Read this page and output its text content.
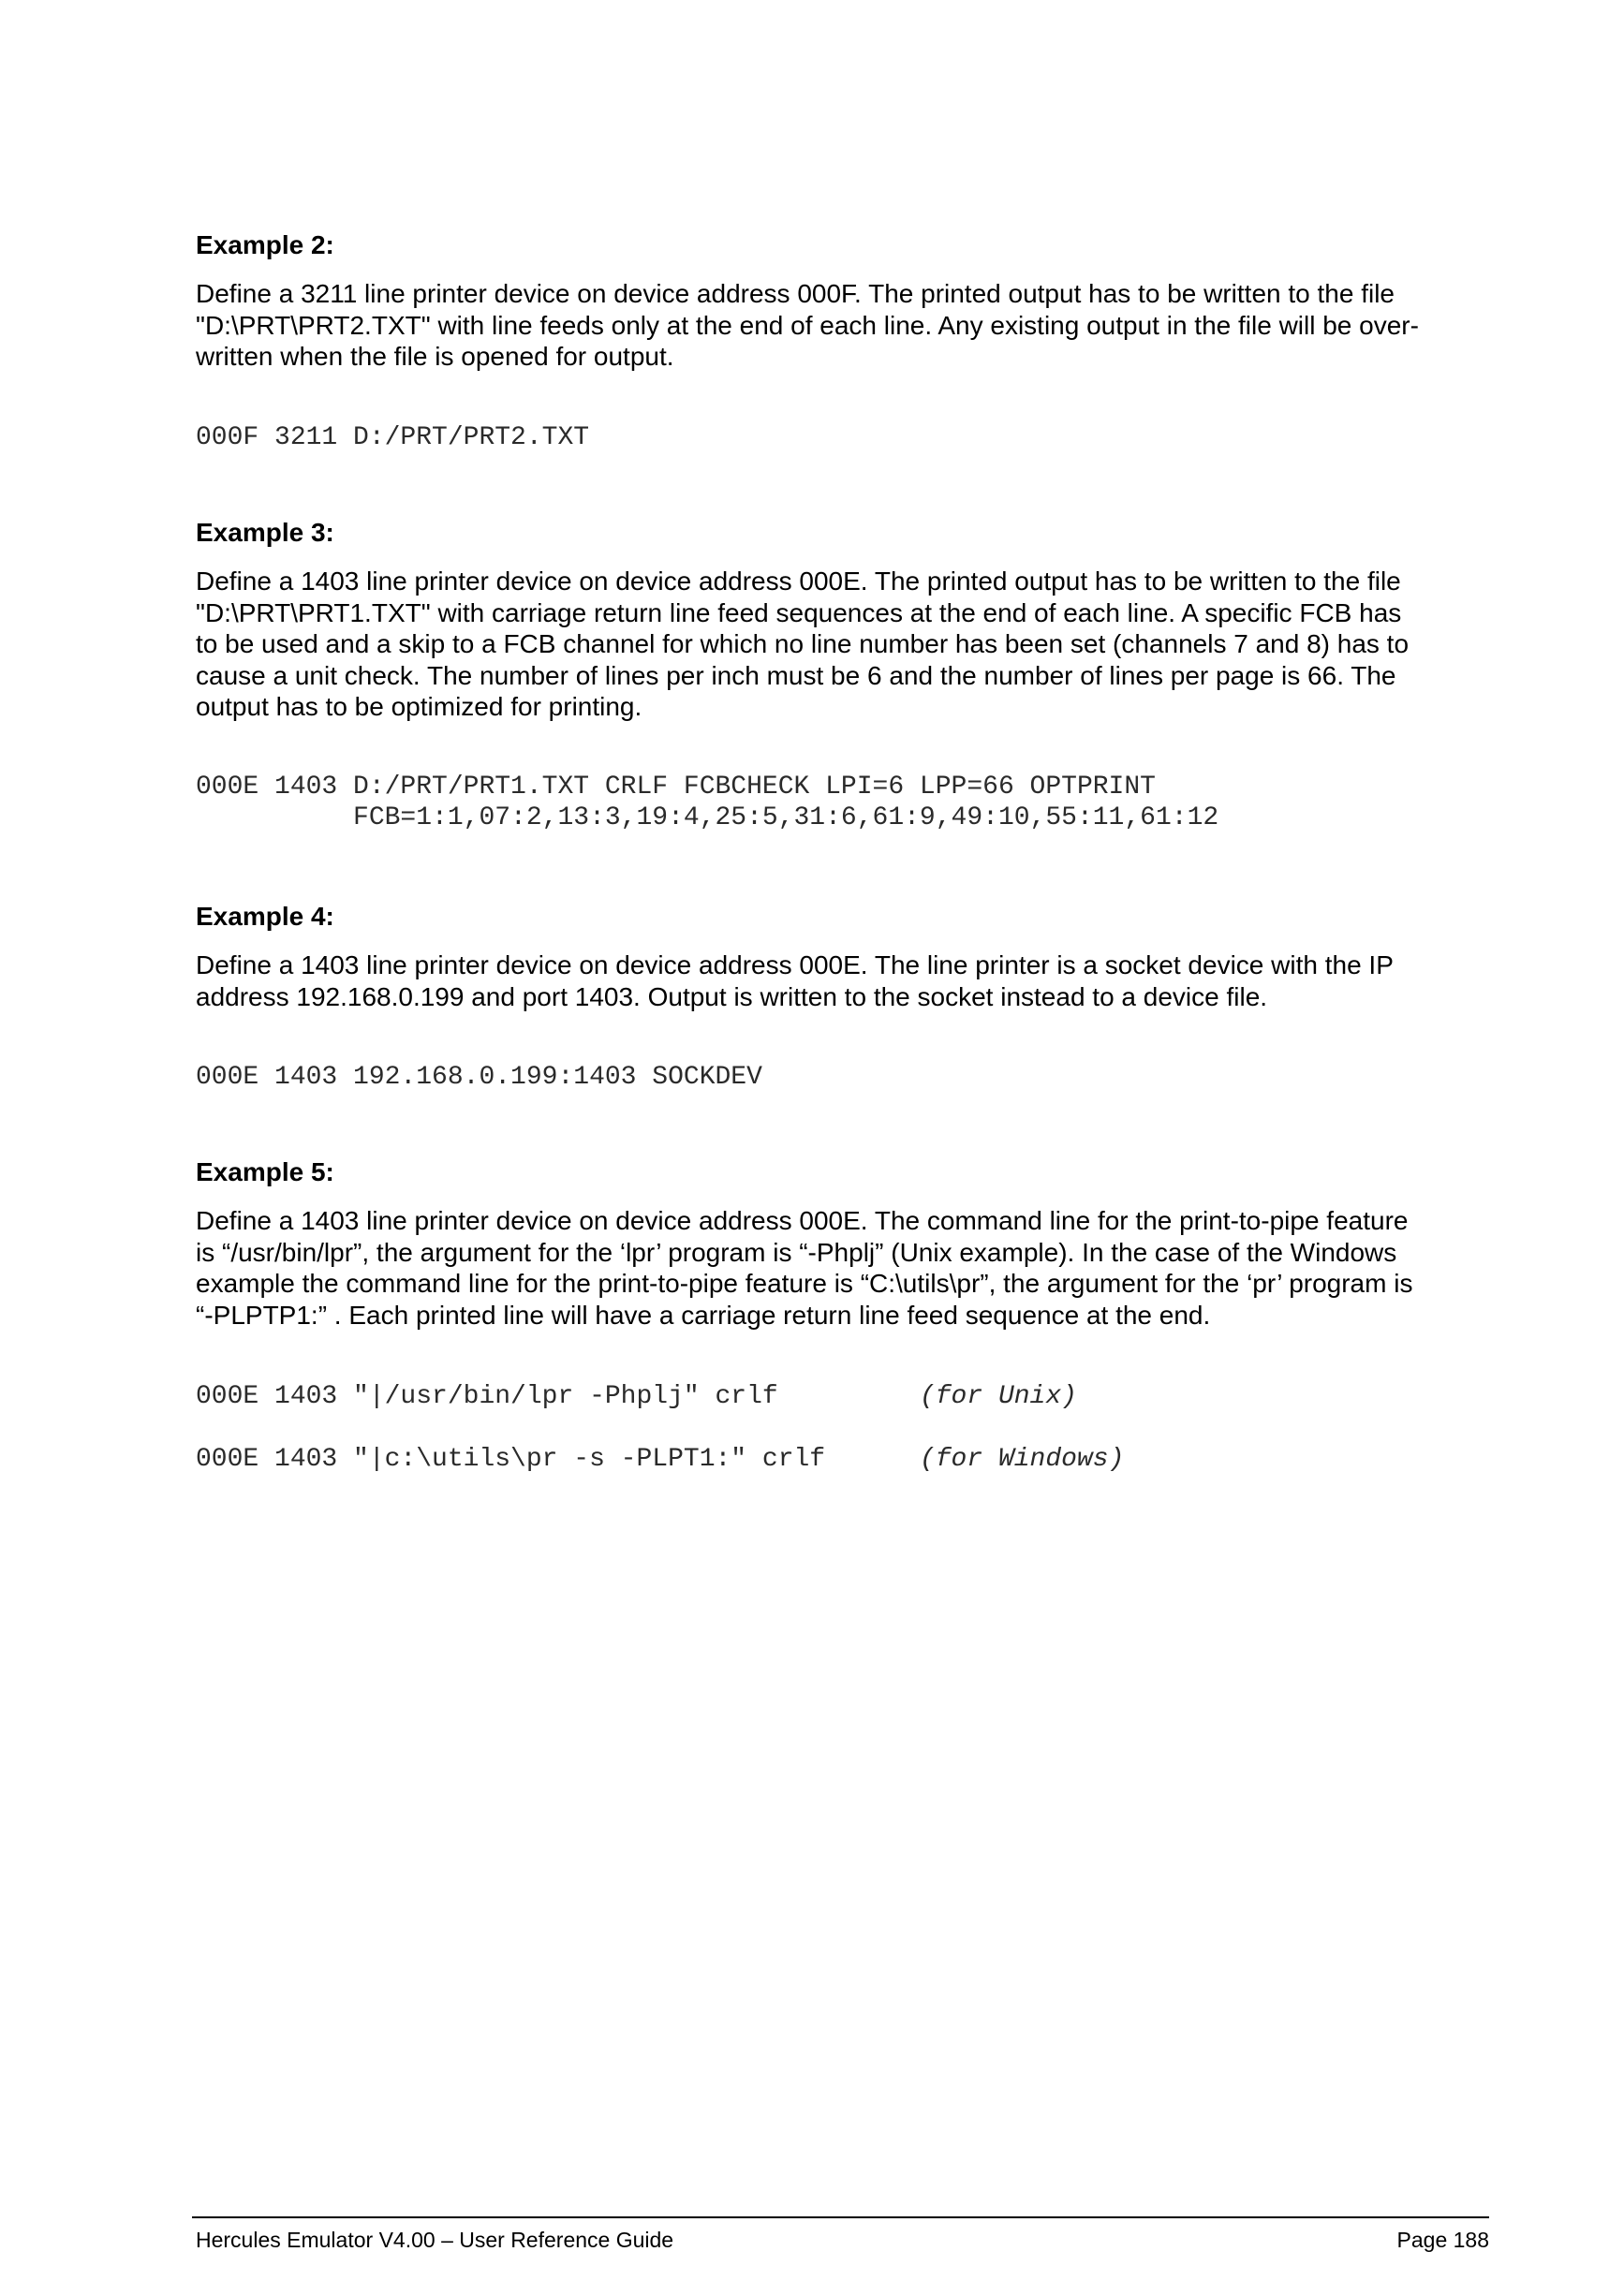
Example 2:
Define a 3211 line printer device on device address 000F. The printed output has to be written to the file
"D:\PRT\PRT2.TXT" with line feeds only at the end of each line. Any existing output in the file will be over-
written when the file is opened for output.
000F 3211 D:/PRT/PRT2.TXT
Example 3:
Define a 1403 line printer device on device address 000E. The printed output has to be written to the file
"D:\PRT\PRT1.TXT" with carriage return line feed sequences at the end of each line. A specific FCB has
to be used and a skip to a FCB channel for which no line number has been set (channels 7 and 8) has to
cause a unit check. The number of lines per inch must be 6 and the number of lines per page is 66. The
output has to be optimized for printing.
000E 1403 D:/PRT/PRT1.TXT CRLF FCBCHECK LPI=6 LPP=66 OPTPRINT
FCB=1:1,07:2,13:3,19:4,25:5,31:6,61:9,49:10,55:11,61:12
Example 4:
Define a 1403 line printer device on device address 000E. The line printer is a socket device with the IP
address 192.168.0.199 and port 1403. Output is written to the socket instead to a device file.
000E 1403 192.168.0.199:1403 SOCKDEV
Example 5:
Define a 1403 line printer device on device address 000E. The command line for the print-to-pipe feature
is “/usr/bin/lpr”, the argument for the ‘lpr’ program is “-Phplj” (Unix example). In the case of the Windows
example the command line for the print-to-pipe feature is “C:\utils\pr”, the argument for the ‘pr’ program is
“-PLPTP1:” . Each printed line will have a carriage return line feed sequence at the end.
000E 1403 "|/usr/bin/lpr -Phplj" crlf         (for Unix)
000E 1403 "|c:\utils\pr -s -PLPT1:" crlf      (for Windows)
Hercules Emulator V4.00 – User Reference Guide	Page 188
